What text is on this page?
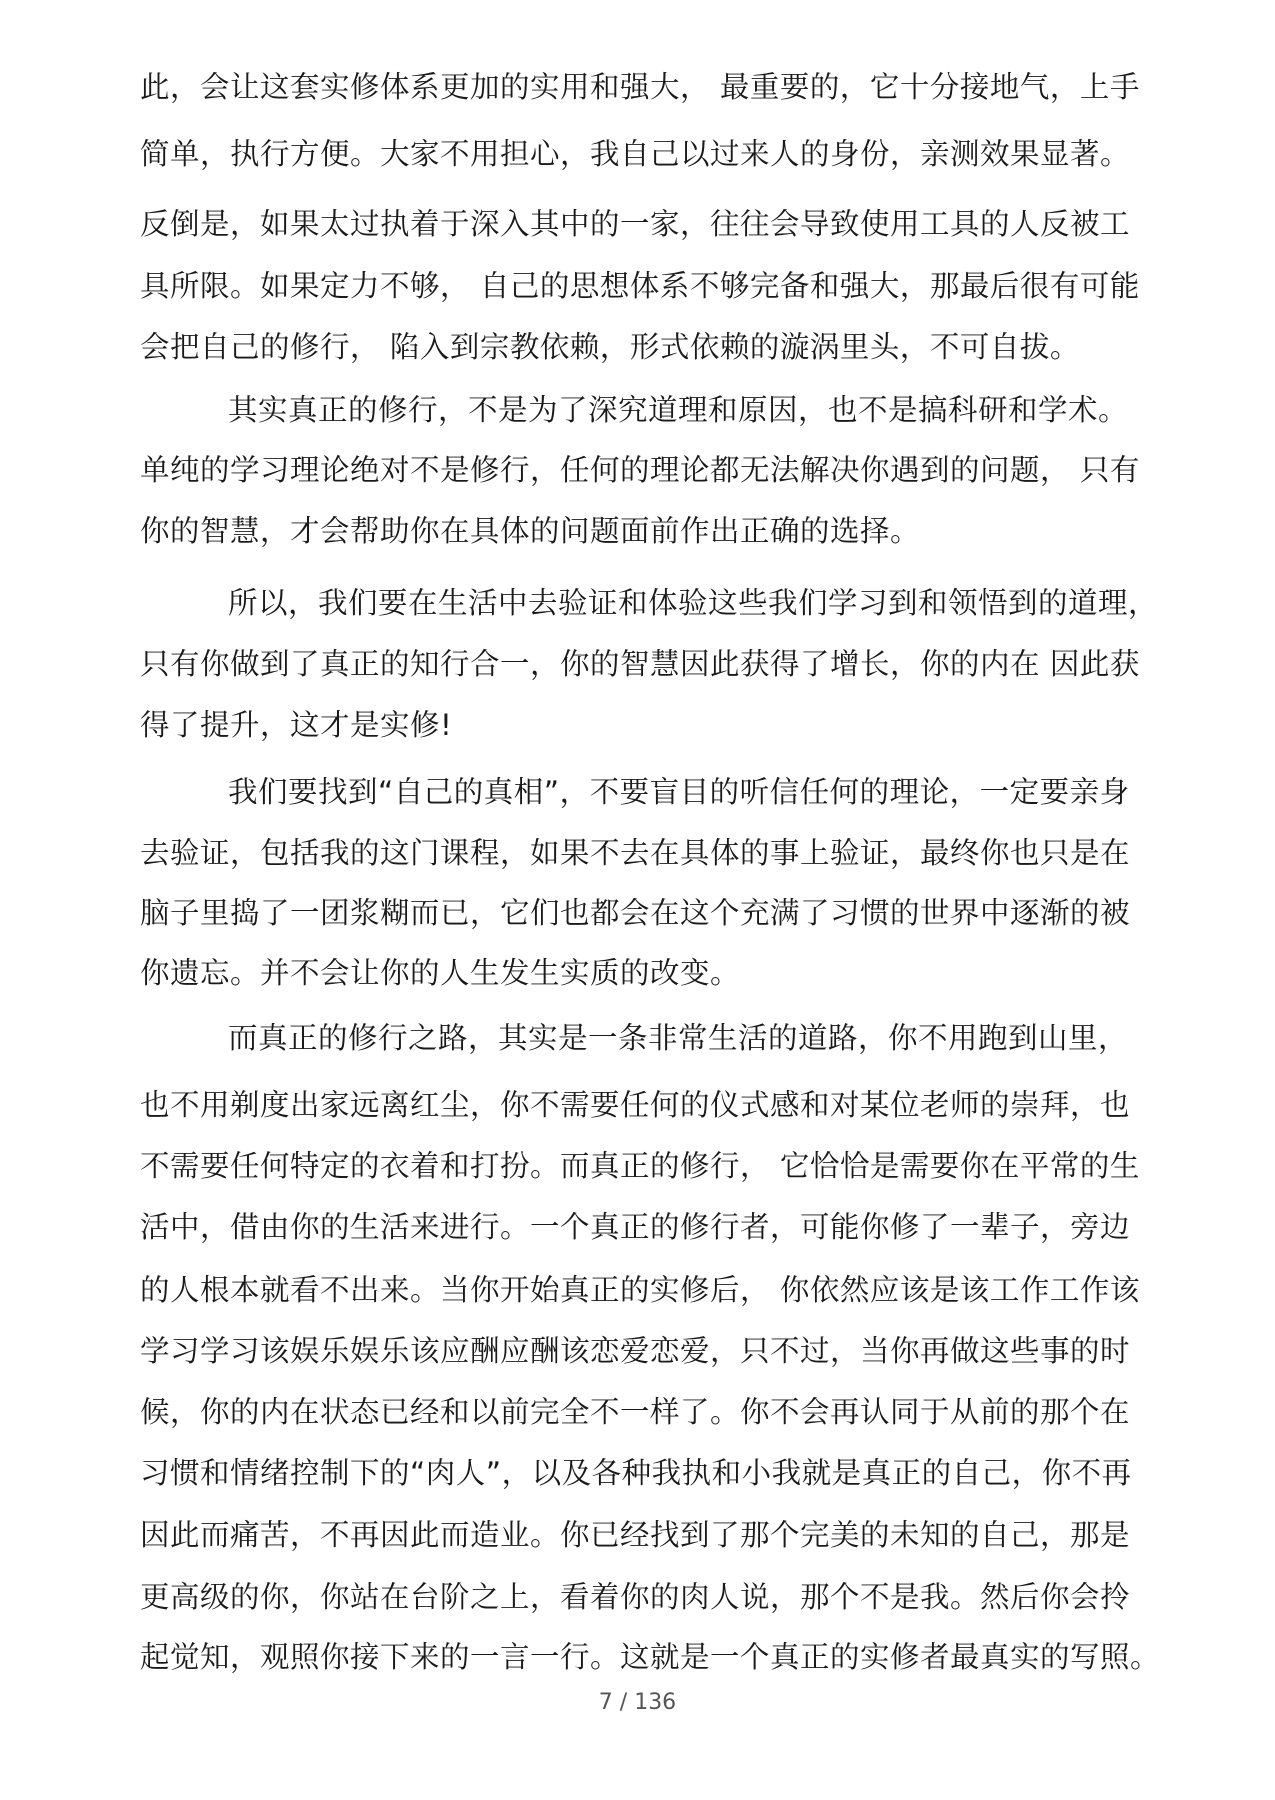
此，会让这套实修体系更加的实用和强大， 最重要的，它十分接地气，上手
简单，执行方便。大家不用担心，我自己以过来人的身份，亲测效果显著。
反倒是，如果太过执着于深入其中的一家，往往会导致使用工具的人反被工
具所限。如果定力不够， 自己的思想体系不够完备和强大，那最后很有可能
会把自己的修行， 陷入到宗教依赖，形式依赖的漩涡里头，不可自拔。
其实真正的修行，不是为了深究道理和原因，也不是搞科研和学术。
单纯的学习理论绝对不是修行，任何的理论都无法解决你遇到的问题， 只有
你的智慧，才会帮助你在具体的问题面前作出正确的选择。
所以，我们要在生活中去验证和体验这些我们学习到和领悟到的道理，
只有你做到了真正的知行合一，你的智慧因此获得了增长，你的内在 因此获
得了提升，这才是实修!
我们要找到“自己的真相”，不要盲目的听信任何的理论，一定要亲身
去验证，包括我的这门课程，如果不去在具体的事上验证，最终你也只是在
脑子里捣了一团浆糊而已，它们也都会在这个充满了习惯的世界中逐渐的被
你遗忘。并不会让你的人生发生实质的改变。
而真正的修行之路，其实是一条非常生活的道路，你不用跑到山里，
也不用剃度出家远离红尘，你不需要任何的仪式感和对某位老师的崇拜，也
不需要任何特定的衣着和打扮。而真正的修行， 它恰恰是需要你在平常的生
活中，借由你的生活来进行。一个真正的修行者，可能你修了一辈子，旁边
的人根本就看不出来。当你开始真正的实修后， 你依然应该是该工作工作该
学习学习该娱乐娱乐该应酬应酬该恋爱恋爱，只不过，当你再做这些事的时
候，你的内在状态已经和以前完全不一样了。你不会再认同于从前的那个在
习惯和情绪控制下的“肉人”，以及各种我执和小我就是真正的自己，你不再
因此而痛苦，不再因此而造业。你已经找到了那个完美的未知的自己，那是
更高级的你，你站在台阶之上，看着你的肉人说，那个不是我。然后你会拎
起觉知，观照你接下来的一言一行。这就是一个真正的实修者最真实的写照。
7 / 136
